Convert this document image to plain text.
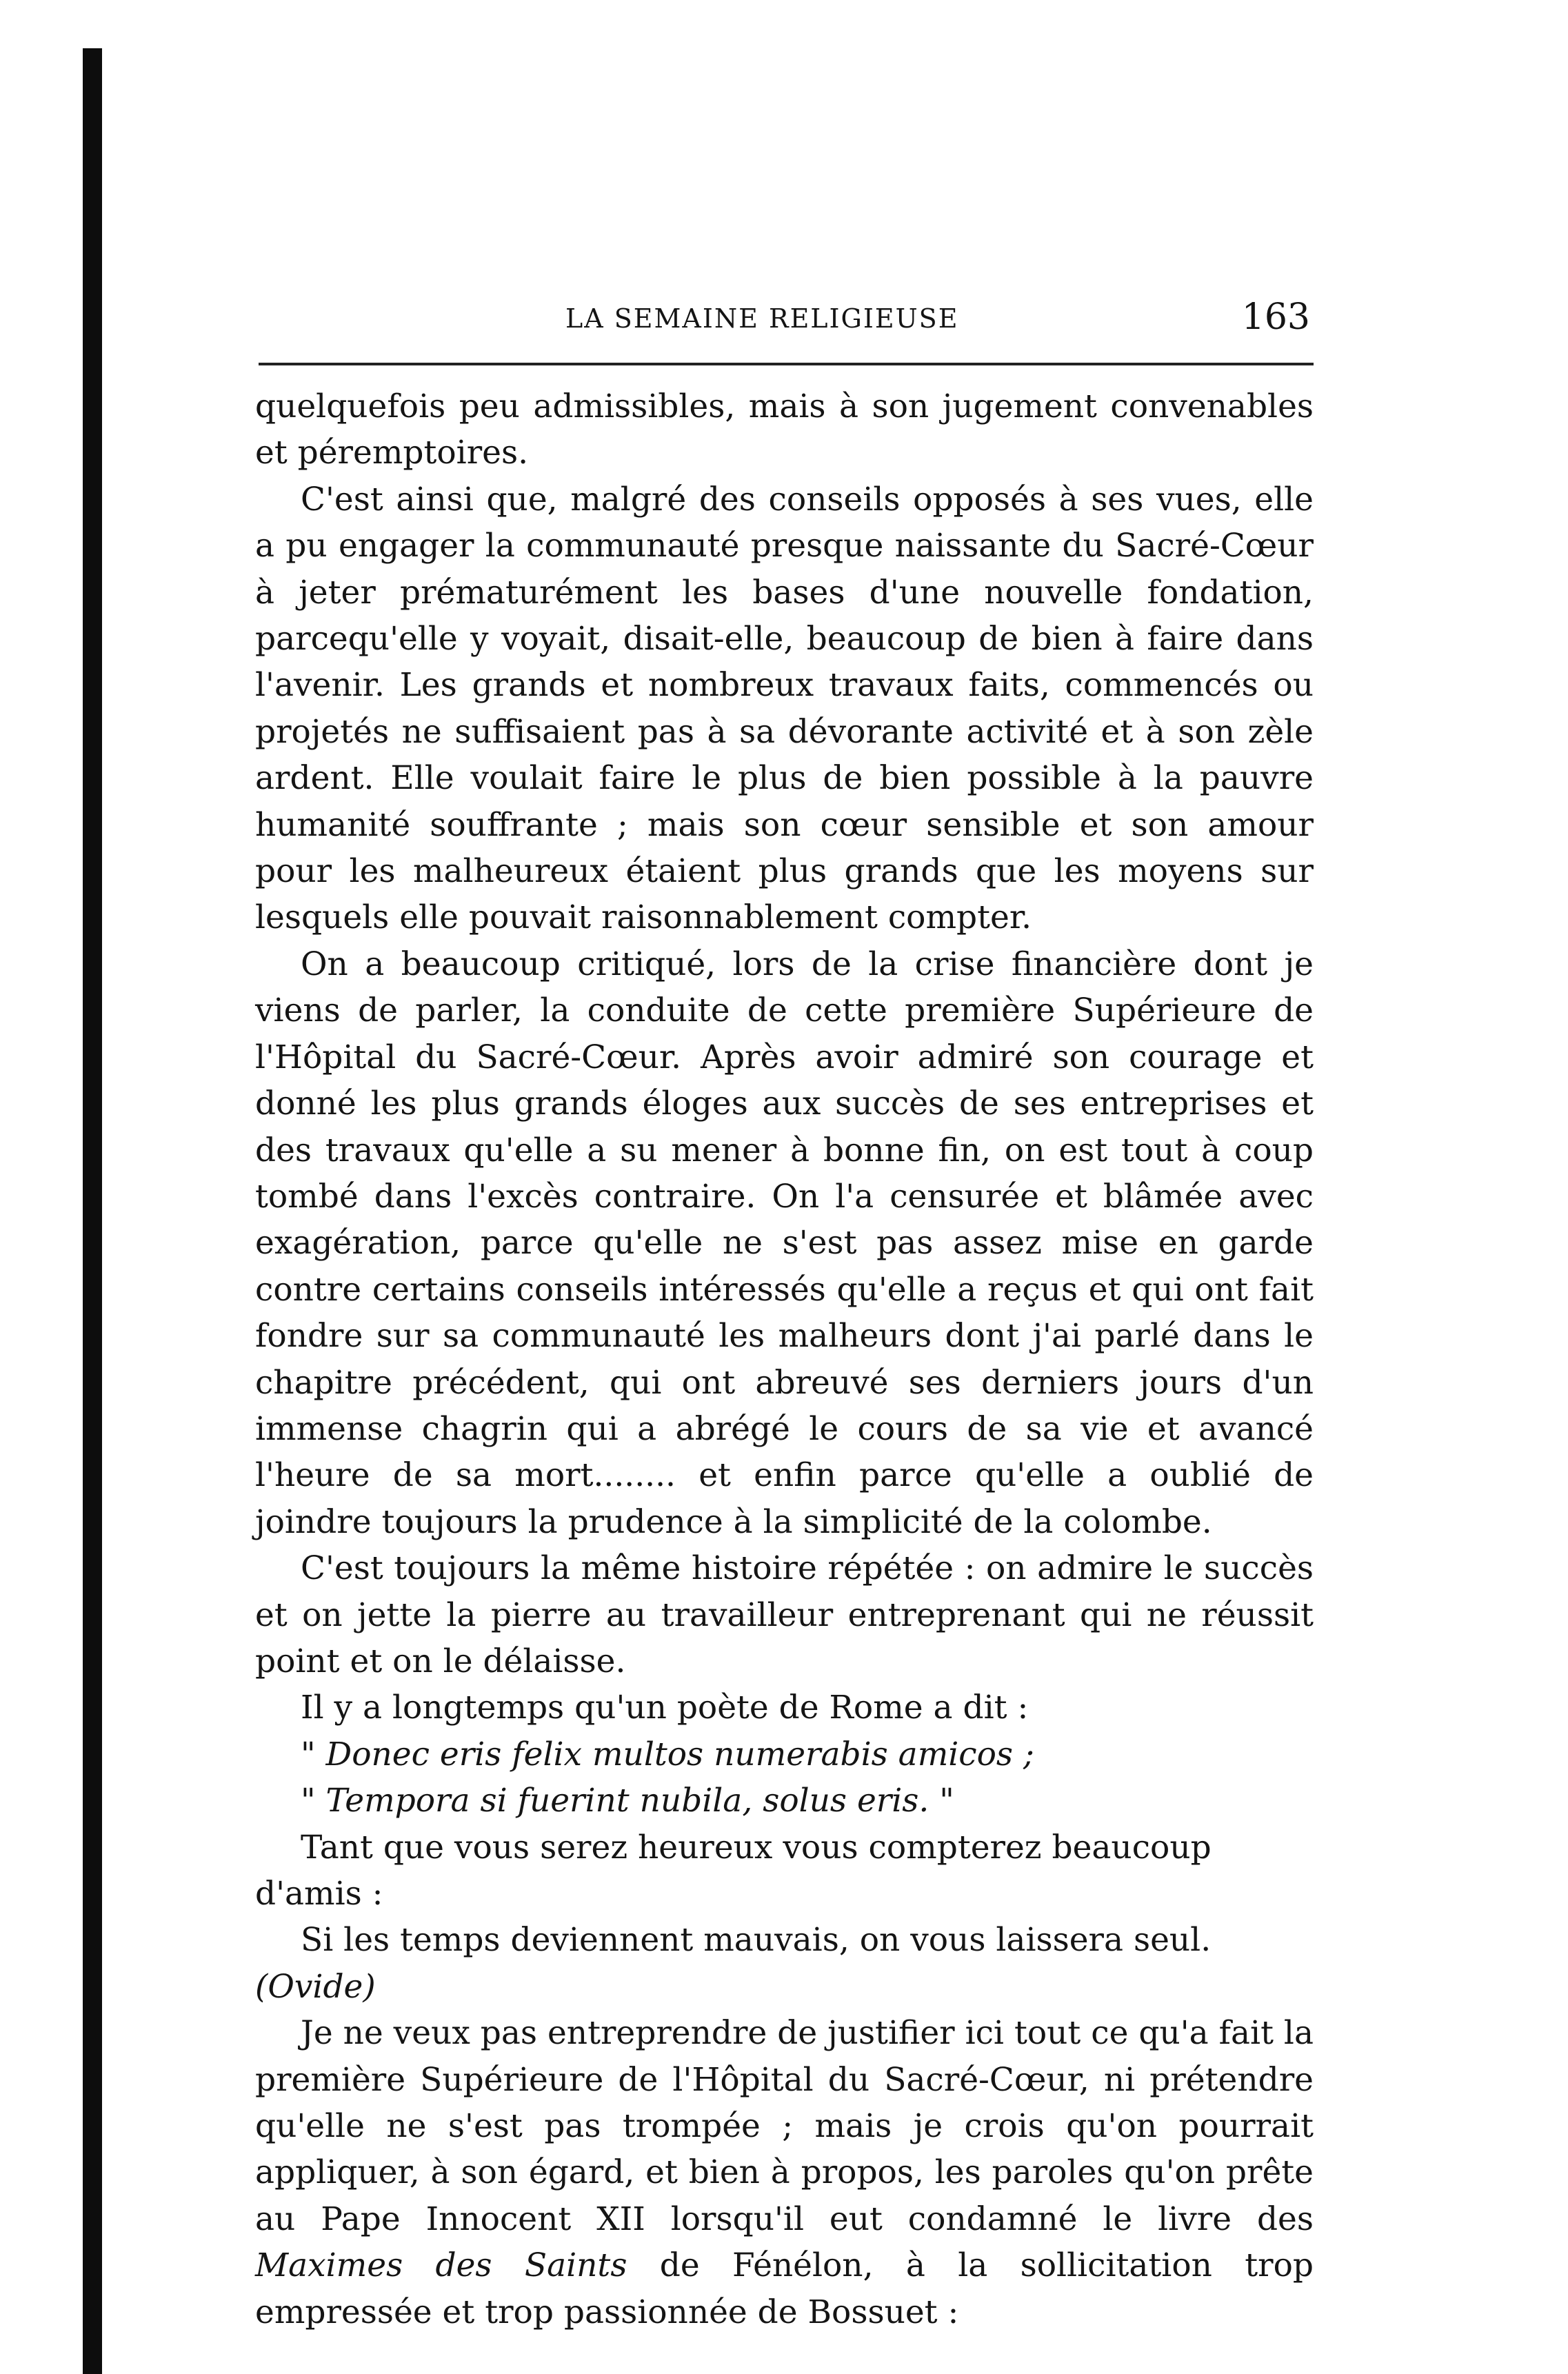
LA SEMAINE RELIGIEUSE	163

quelquefois peu admissibles, mais à son jugement convenables et péremptoires.

C'est ainsi que, malgré des conseils opposés à ses vues, elle a pu engager la communauté presque naissante du Sacré-Cœur à jeter prématurément les bases d'une nouvelle fondation, parcequ'elle y voyait, disait-elle, beaucoup de bien à faire dans l'avenir. Les grands et nombreux travaux faits, commencés ou projetés ne suffisaient pas à sa dévorante activité et à son zèle ardent. Elle voulait faire le plus de bien possible à la pauvre humanité souffrante ; mais son cœur sensible et son amour pour les malheureux étaient plus grands que les moyens sur lesquels elle pouvait raisonnablement compter.

On a beaucoup critiqué, lors de la crise financière dont je viens de parler, la conduite de cette première Supérieure de l'Hôpital du Sacré-Cœur. Après avoir admiré son courage et donné les plus grands éloges aux succès de ses entreprises et des travaux qu'elle a su mener à bonne fin, on est tout à coup tombé dans l'excès contraire. On l'a censurée et blâmée avec exagération, parce qu'elle ne s'est pas assez mise en garde contre certains conseils intéressés qu'elle a reçus et qui ont fait fondre sur sa communauté les malheurs dont j'ai parlé dans le chapitre précédent, qui ont abreuvé ses derniers jours d'un immense chagrin qui a abrégé le cours de sa vie et avancé l'heure de sa mort........ et enfin parce qu'elle a oublié de joindre toujours la prudence à la simplicité de la colombe.

C'est toujours la même histoire répétée : on admire le succès et on jette la pierre au travailleur entreprenant qui ne réussit point et on le délaisse.

Il y a longtemps qu'un poète de Rome a dit :

" Donec eris felix multos numerabis amicos ;

" Tempora si fuerint nubila, solus eris. "

Tant que vous serez heureux vous compterez beaucoup d'amis :

Si les temps deviennent mauvais, on vous laissera seul. (Ovide)

Je ne veux pas entreprendre de justifier ici tout ce qu'a fait la première Supérieure de l'Hôpital du Sacré-Cœur, ni prétendre qu'elle ne s'est pas trompée ; mais je crois qu'on pourrait appliquer, à son égard, et bien à propos, les paroles qu'on prête au Pape Innocent XII lorsqu'il eut condamné le livre des Maximes des Saints de Fénélon, à la sollicitation trop empressée et trop passionnée de Bossuet :
